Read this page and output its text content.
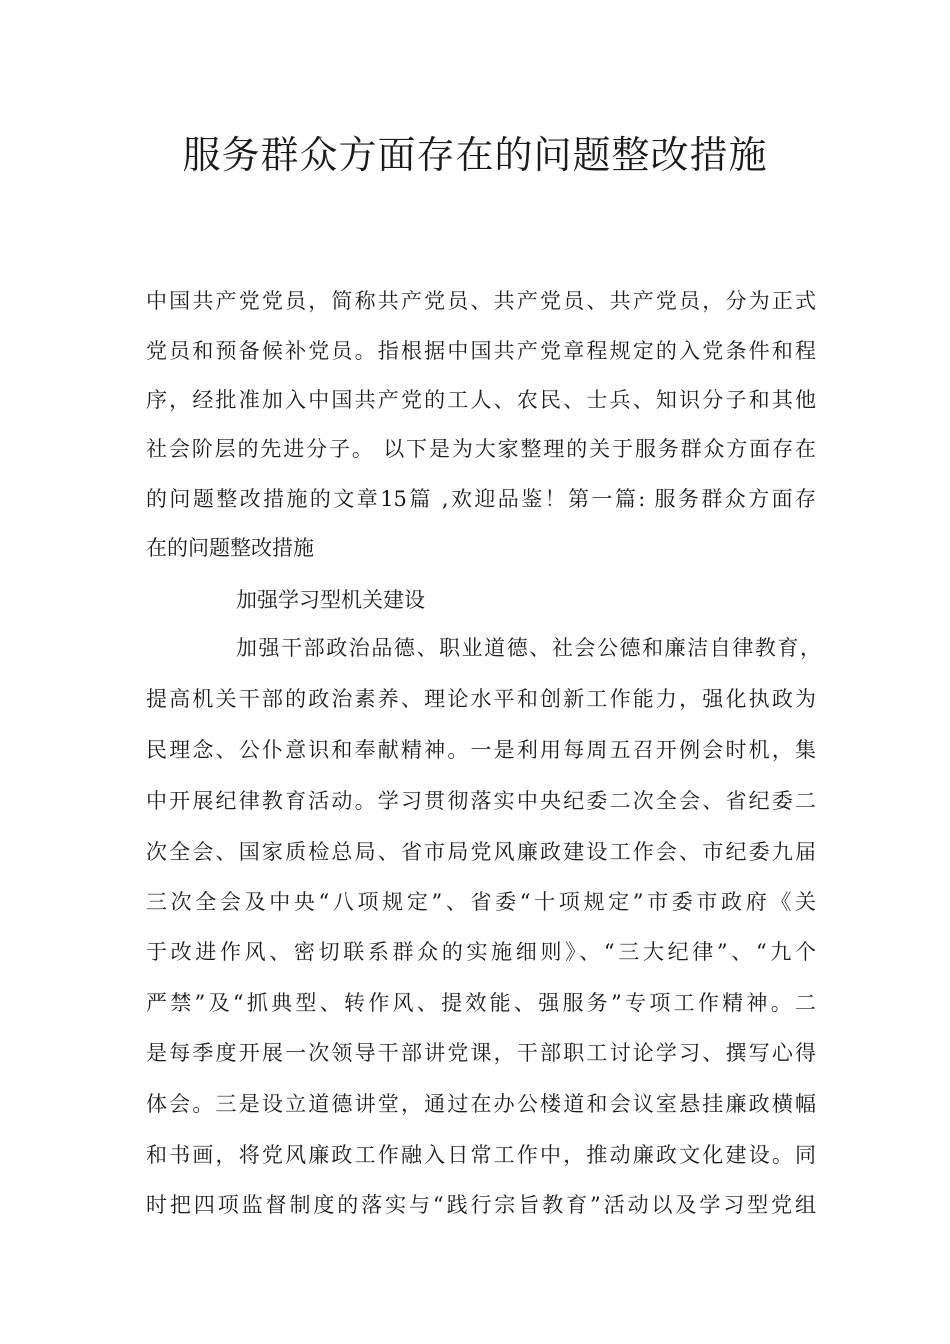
服务群众方面存在的问题整改措施
中国共产党党员，简称共产党员、共产党员、共产党员，分为正式
党员和预备候补党员。指根据中国共产党章程规定的入党条件和程
序，经批准加入中国共产党的工人、农民、士兵、知识分子和其他
社会阶层的先进分子。 以下是为大家整理的关于服务群众方面存在
的问题整改措施的文章15篇 ,欢迎品鉴！第一篇: 服务群众方面存
在的问题整改措施
加强学习型机关建设
加强干部政治品德、职业道德、社会公德和廉洁自律教育，
提高机关干部的政治素养、理论水平和创新工作能力，强化执政为
民理念、公仆意识和奉献精神。一是利用每周五召开例会时机，集
中开展纪律教育活动。学习贯彻落实中央纪委二次全会、省纪委二
次全会、国家质检总局、省市局党风廉政建设工作会、市纪委九届
三次全会及中央“八项规定”、省委“十项规定”市委市政府《关
于改进作风、密切联系群众的实施细则》、“三大纪律”、“九个
严禁”及“抓典型、转作风、提效能、强服务”专项工作精神。二
是每季度开展一次领导干部讲党课，干部职工讨论学习、撰写心得
体会。三是设立道德讲堂，通过在办公楼道和会议室悬挂廉政横幅
和书画，将党风廉政工作融入日常工作中，推动廉政文化建设。同
时把四项监督制度的落实与“践行宗旨教育”活动以及学习型党组
